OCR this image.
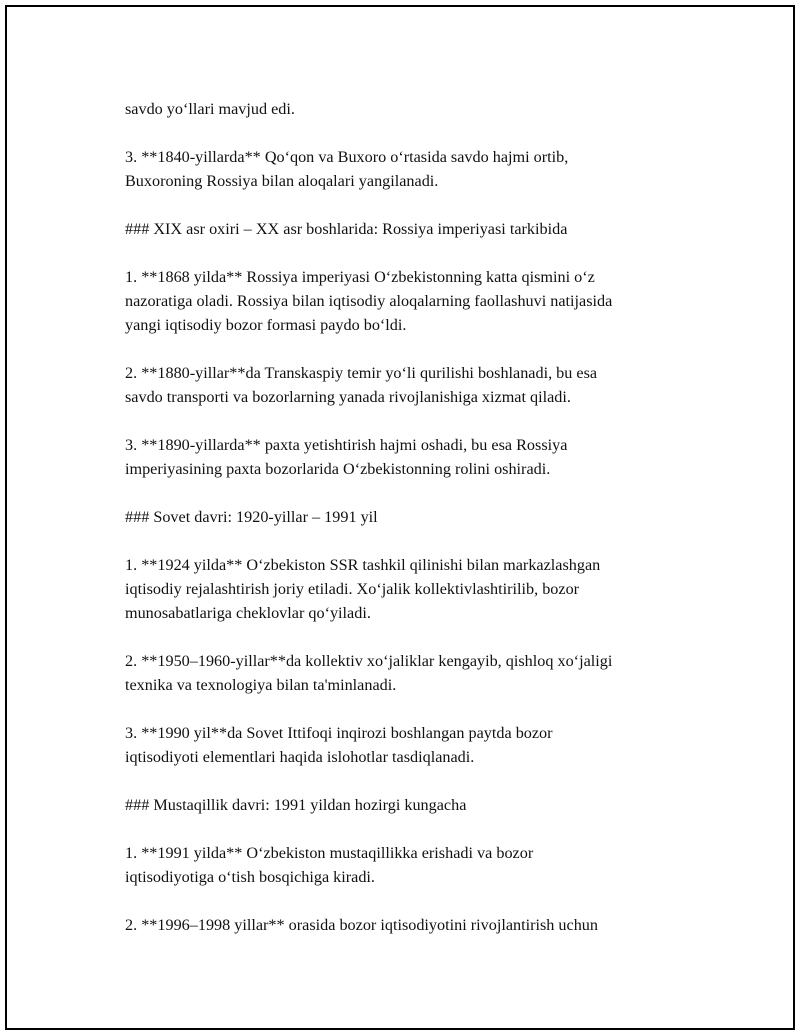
savdo yo‘llari mavjud edi.

3. **1840-yillarda** Qo‘qon va Buxoro o‘rtasida savdo hajmi ortib,
Buxoroning Rossiya bilan aloqalari yangilanadi.

### XIX asr oxiri – XX asr boshlarida: Rossiya imperiyasi tarkibida

1. **1868 yilda** Rossiya imperiyasi O‘zbekistonning katta qismini o‘z
nazoratiga oladi. Rossiya bilan iqtisodiy aloqalarning faollashuvi natijasida
yangi iqtisodiy bozor formasi paydo bo‘ldi.

2. **1880-yillar**da Transkaspiy temir yo‘li qurilishi boshlanadi, bu esa
savdo transporti va bozorlarning yanada rivojlanishiga xizmat qiladi.

3. **1890-yillarda** paxta yetishtirish hajmi oshadi, bu esa Rossiya
imperiyasining paxta bozorlarida O‘zbekistonning rolini oshiradi.

### Sovet davri: 1920-yillar – 1991 yil

1. **1924 yilda** O‘zbekiston SSR tashkil qilinishi bilan markazlashgan
iqtisodiy rejalashtirish joriy etiladi. Xo‘jalik kollektivlashtirilib, bozor
munosabatlariga cheklovlar qo‘yiladi.

2. **1950–1960-yillar**da kollektiv xo‘jaliklar kengayib, qishloq xo‘jaligi
texnika va texnologiya bilan ta'minlanadi.

3. **1990 yil**da Sovet Ittifoqi inqirozi boshlangan paytda bozor
iqtisodiyoti elementlari haqida islohotlar tasdiqlanadi.

### Mustaqillik davri: 1991 yildan hozirgi kungacha

1. **1991 yilda** O‘zbekiston mustaqillikka erishadi va bozor
iqtisodiyotiga o‘tish bosqichiga kiradi.

2. **1996–1998 yillar** orasida bozor iqtisodiyotini rivojlantirish uchun
